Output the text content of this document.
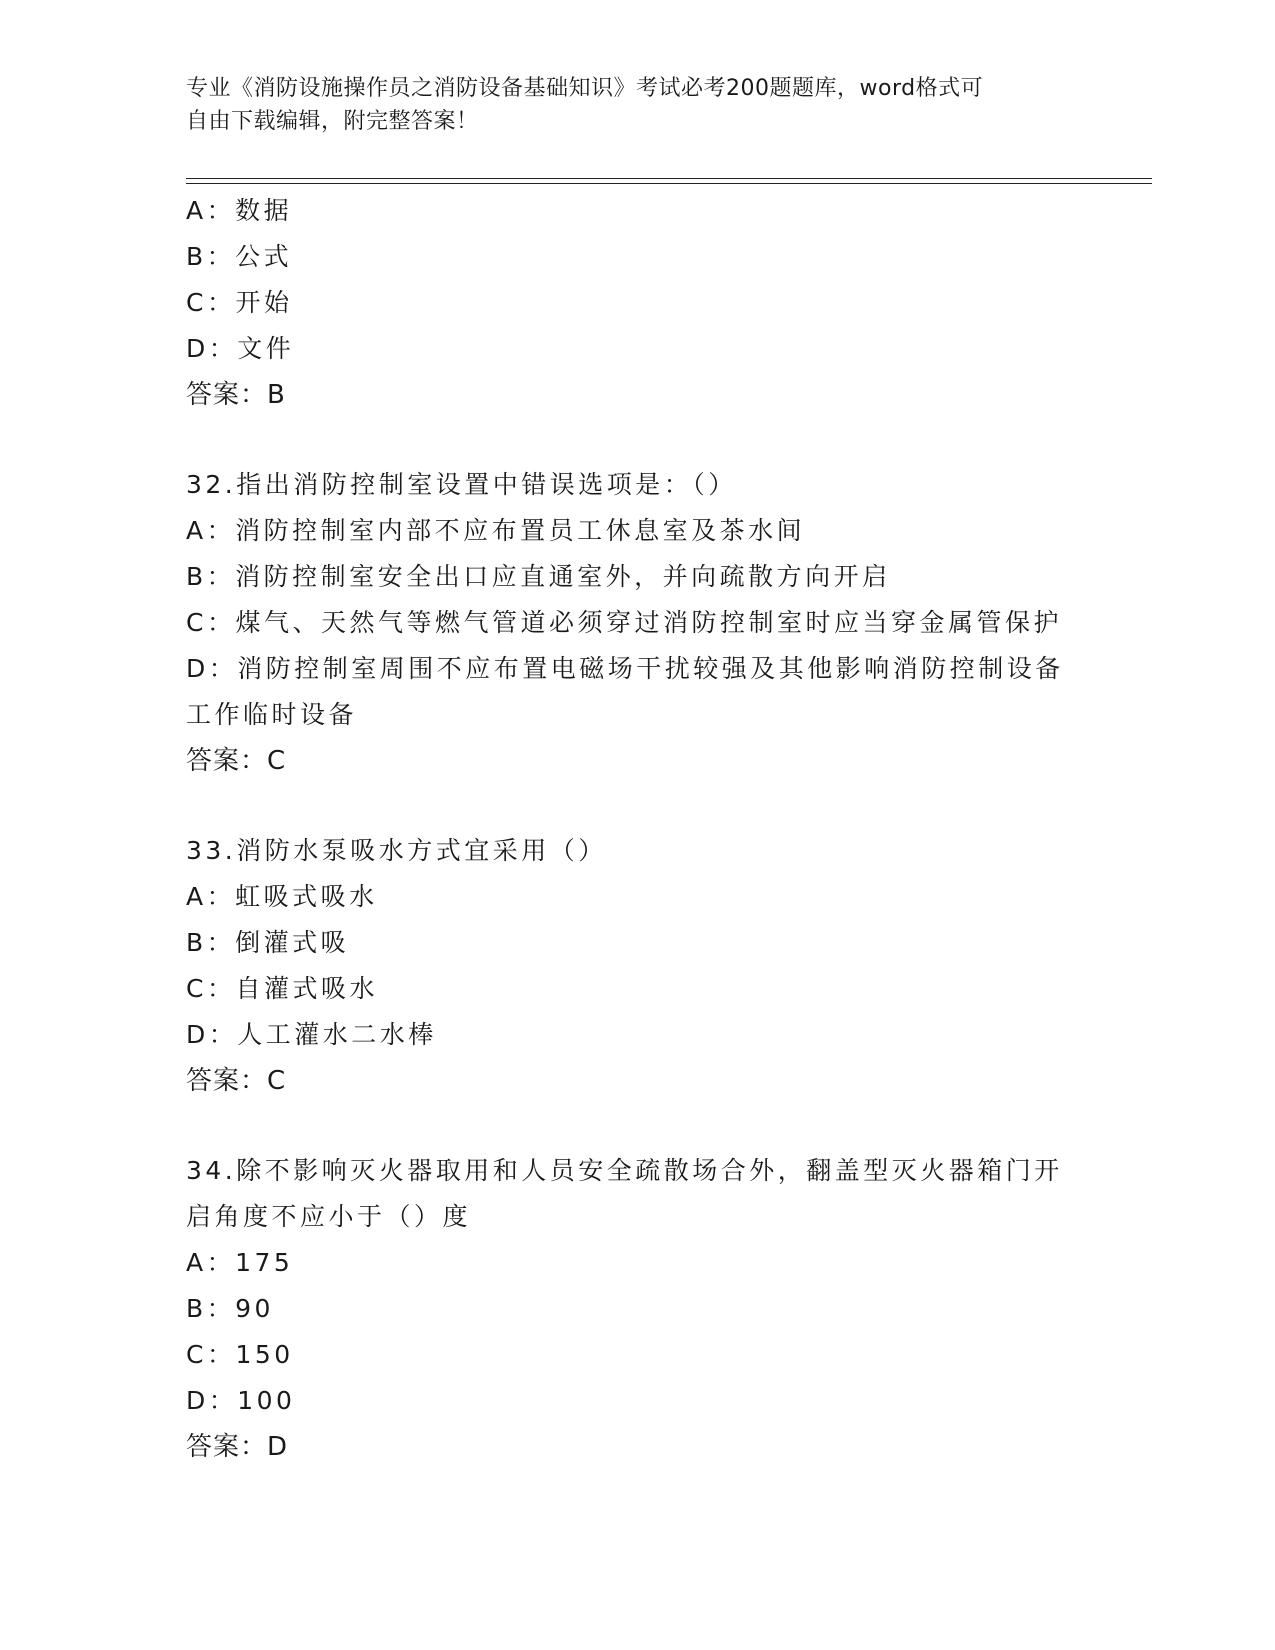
专业《消防设施操作员之消防设备基础知识》考试必考200题题库，word格式可
自由下载编辑，附完整答案！
A：数据
B：公式
C：开始
D：文件
答案：B
32.指出消防控制室设置中错误选项是：（）
A：消防控制室内部不应布置员工休息室及茶水间
B：消防控制室安全出口应直通室外，并向疏散方向开启
C：煤气、天然气等燃气管道必须穿过消防控制室时应当穿金属管保护
D：消防控制室周围不应布置电磁场干扰较强及其他影响消防控制设备
工作临时设备
答案：C
33.消防水泵吸水方式宜采用（）
A：虹吸式吸水
B：倒灌式吸
C：自灌式吸水
D：人工灌水二水棒
答案：C
34.除不影响灭火器取用和人员安全疏散场合外，翻盖型灭火器箱门开
启角度不应小于（）度
A：175
B：90
C：150
D：100
答案：D
